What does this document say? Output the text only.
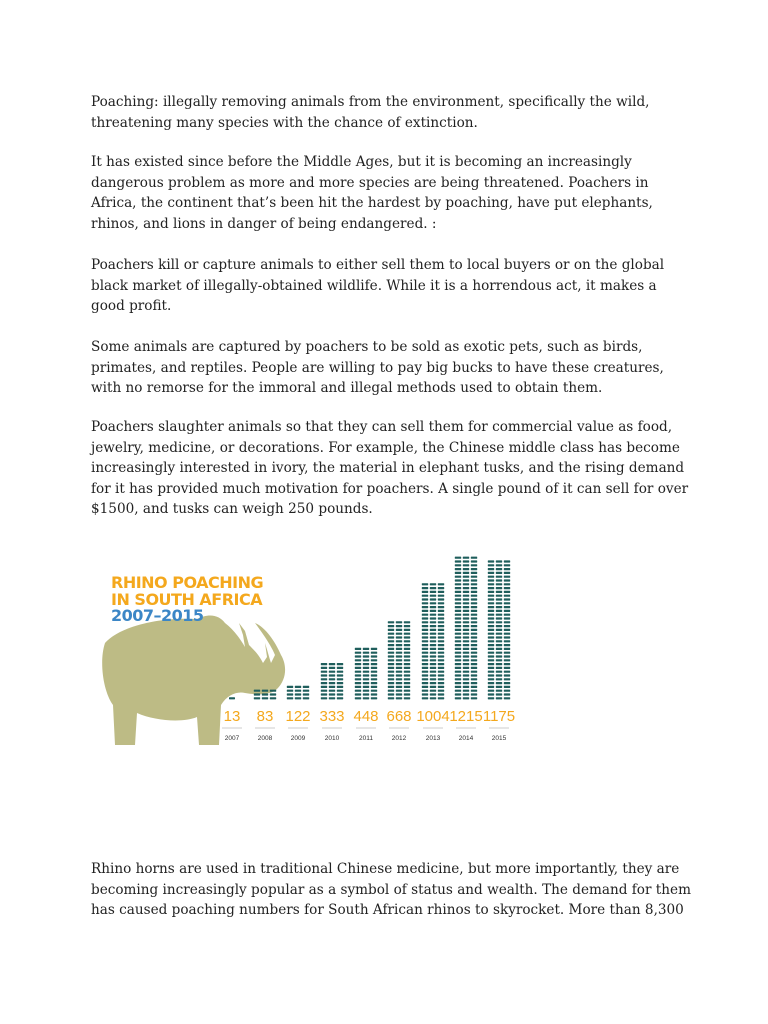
Poaching: illegally removing animals from the environment, specifically the wild, threatening many species with the chance of extinction.

It has existed since before the Middle Ages, but it is becoming an increasingly dangerous problem as more and more species are being threatened. Poachers in Africa, the continent that’s been hit the hardest by poaching, have put elephants, rhinos, and lions in danger of being endangered. :

Poachers kill or capture animals to either sell them to local buyers or on the global black market of illegally-obtained wildlife. While it is a horrendous act, it makes a good profit.

Some animals are captured by poachers to be sold as exotic pets, such as birds, primates, and reptiles. People are willing to pay big bucks to have these creatures, with no remorse for the immoral and illegal methods used to obtain them.

Poachers slaughter animals so that they can sell them for commercial value as food, jewelry, medicine, or decorations. For example, the Chinese middle class has become increasingly interested in ivory, the material in elephant tusks, and the rising demand for it has provided much motivation for poachers. A single pound of it can sell for over $1500, and tusks can weigh 250 pounds.

13
2007
83
2008
122
2009
333
2010
448
2011
668
2012
1004
2013
1215
2014
1175
2015

RHINO POACHING

IN SOUTH AFRICA

2007–2015

Rhino horns are used in traditional Chinese medicine, but more importantly, they are becoming increasingly popular as a symbol of status and wealth. The demand for them has caused poaching numbers for South African rhinos to skyrocket. More than 8,300
